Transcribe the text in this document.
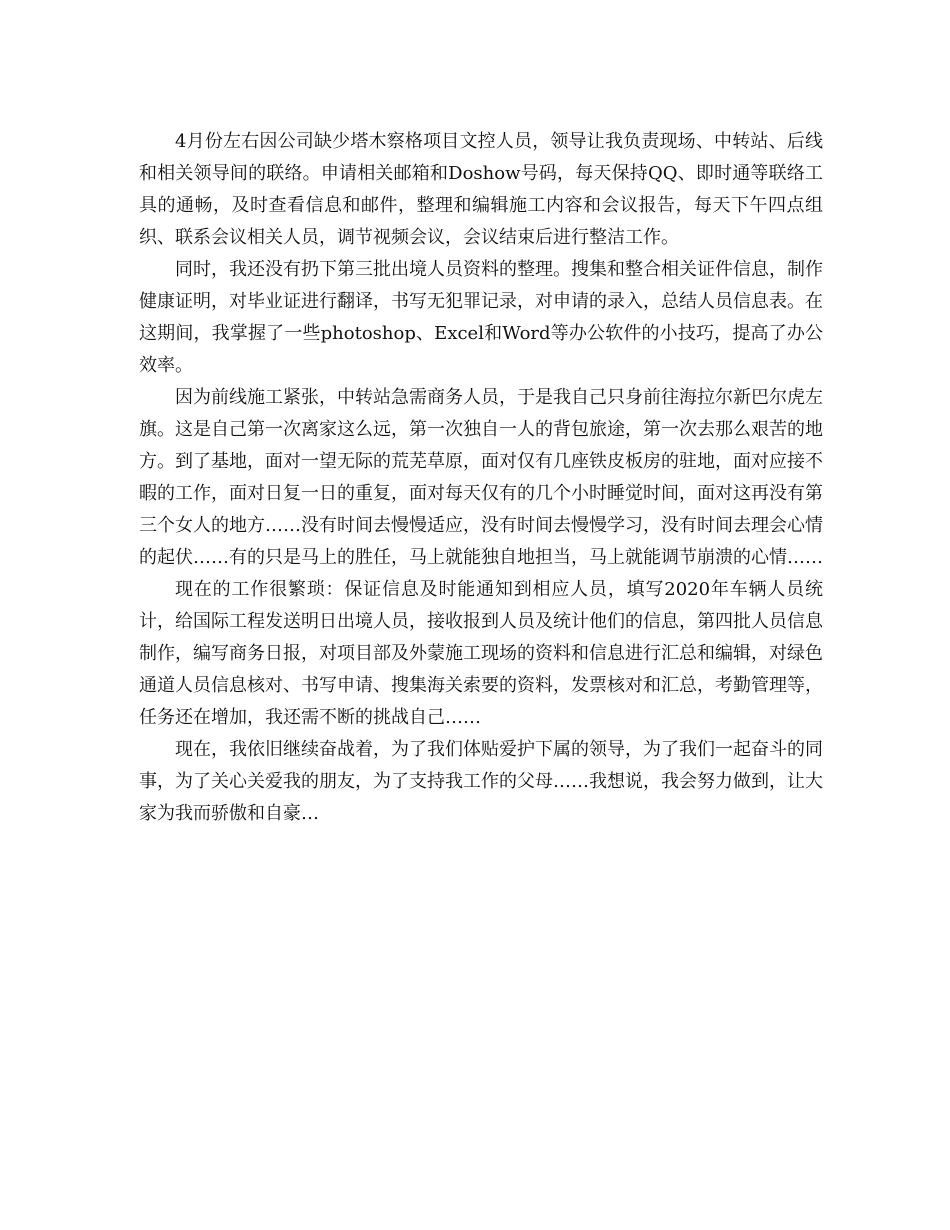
4月份左右因公司缺少塔木察格项目文控人员，领导让我负责现场、中转站、后线和相关领导间的联络。申请相关邮箱和Doshow号码，每天保持QQ、即时通等联络工具的通畅，及时查看信息和邮件，整理和编辑施工内容和会议报告，每天下午四点组织、联系会议相关人员，调节视频会议，会议结束后进行整洁工作。

同时，我还没有扔下第三批出境人员资料的整理。搜集和整合相关证件信息，制作健康证明，对毕业证进行翻译，书写无犯罪记录，对申请的录入，总结人员信息表。在这期间，我掌握了一些photoshop、Excel和Word等办公软件的小技巧，提高了办公效率。

因为前线施工紧张，中转站急需商务人员，于是我自己只身前往海拉尔新巴尔虎左旗。这是自己第一次离家这么远，第一次独自一人的背包旅途，第一次去那么艰苦的地方。到了基地，面对一望无际的荒芜草原，面对仅有几座铁皮板房的驻地，面对应接不暇的工作，面对日复一日的重复，面对每天仅有的几个小时睡觉时间，面对这再没有第三个女人的地方……没有时间去慢慢适应，没有时间去慢慢学习，没有时间去理会心情的起伏……有的只是马上的胜任，马上就能独自地担当，马上就能调节崩溃的心情……

现在的工作很繁琐：保证信息及时能通知到相应人员，填写2020年车辆人员统计，给国际工程发送明日出境人员，接收报到人员及统计他们的信息，第四批人员信息制作，编写商务日报，对项目部及外蒙施工现场的资料和信息进行汇总和编辑，对绿色通道人员信息核对、书写申请、搜集海关索要的资料，发票核对和汇总，考勤管理等，任务还在增加，我还需不断的挑战自己……

现在，我依旧继续奋战着，为了我们体贴爱护下属的领导，为了我们一起奋斗的同事，为了关心关爱我的朋友，为了支持我工作的父母……我想说，我会努力做到，让大家为我而骄傲和自豪…
